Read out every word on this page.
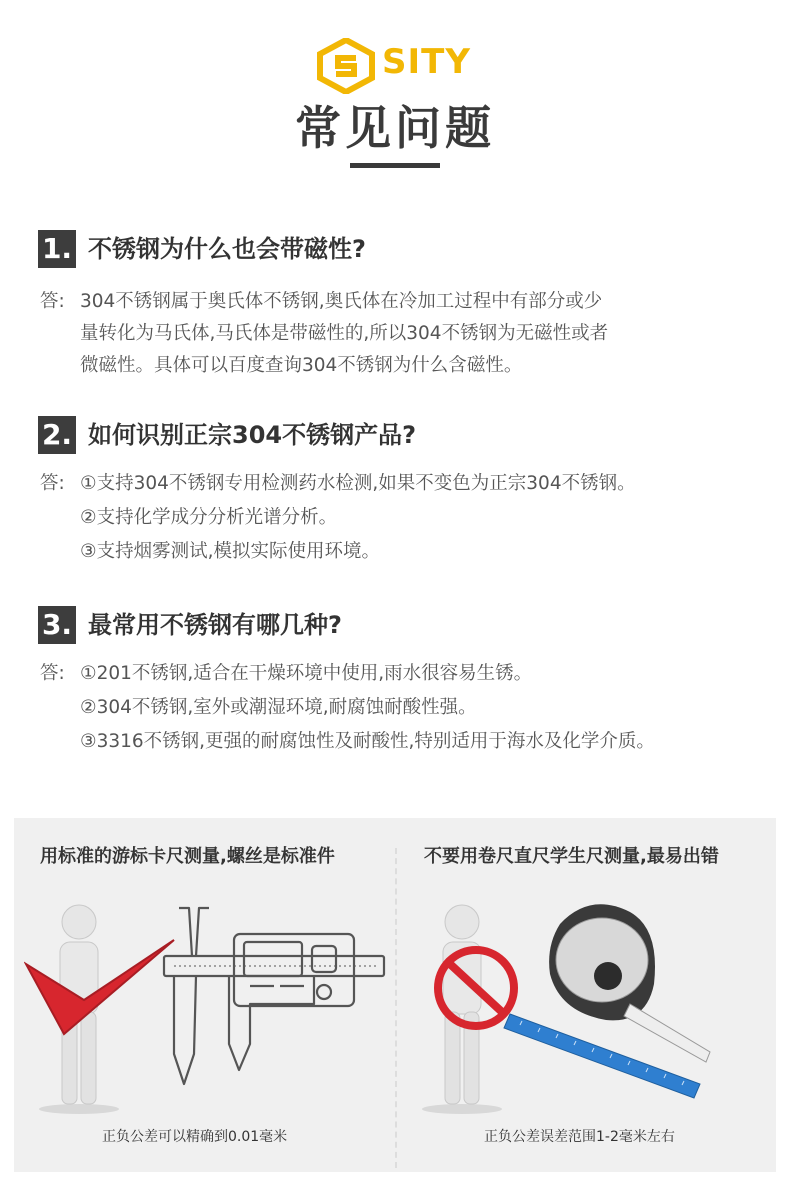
SITY
常见问题
1. 不锈钢为什么也会带磁性?
答: 304不锈钢属于奥氏体不锈钢,奥氏体在冷加工过程中有部分或少
量转化为马氏体,马氏体是带磁性的,所以304不锈钢为无磁性或者
微磁性。具体可以百度查询304不锈钢为什么含磁性。
2. 如何识别正宗304不锈钢产品?
答: ①支持304不锈钢专用检测药水检测,如果不变色为正宗304不锈钢。
②支持化学成分分析光谱分析。
③支持烟雾测试,模拟实际使用环境。
3. 最常用不锈钢有哪几种?
答: ①201不锈钢,适合在干燥环境中使用,雨水很容易生锈。
②304不锈钢,室外或潮湿环境,耐腐蚀耐酸性强。
③3316不锈钢,更强的耐腐蚀性及耐酸性,特别适用于海水及化学介质。
用标准的游标卡尺测量,螺丝是标准件	不要用卷尺直尺学生尺测量,最易出错
正负公差可以精确到0.01毫米	正负公差误差范围1-2毫米左右
